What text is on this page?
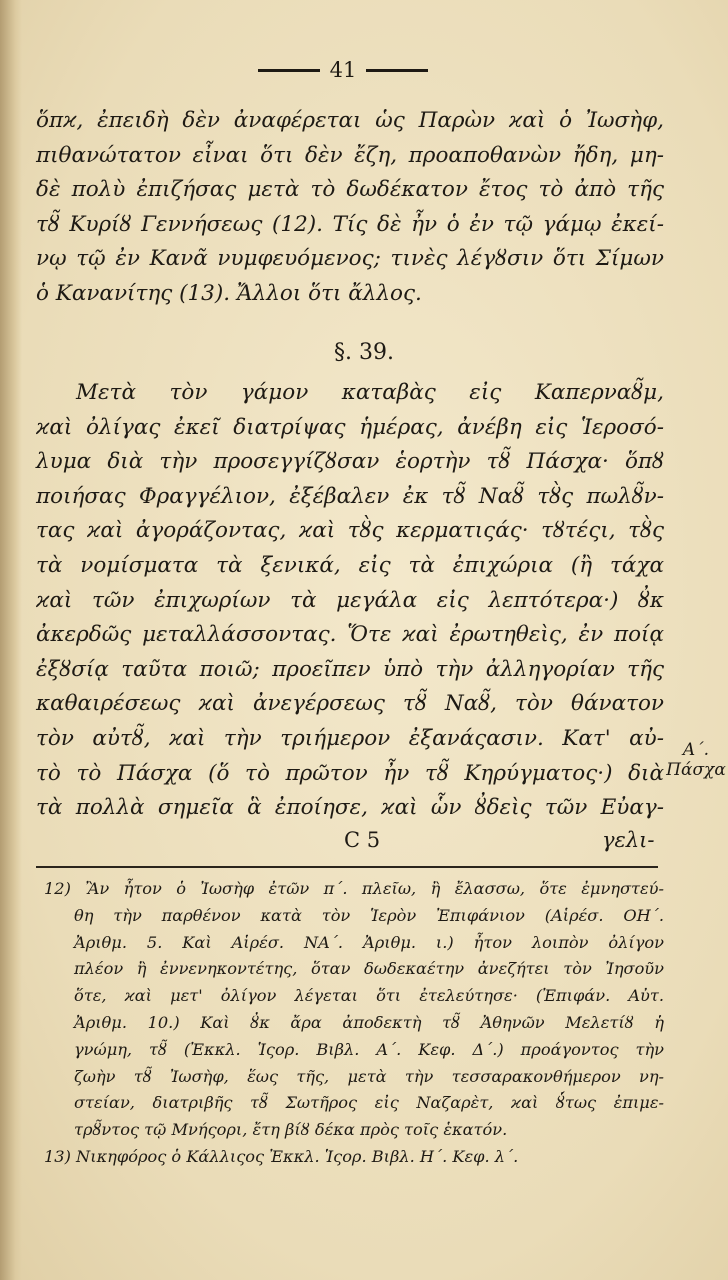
41
ὅπϰ, ἐπειδὴ δὲν ἀναφέρεται ὡς Παρὼν ϰαὶ ὁ Ἰωσὴφ,
πιθανώτατον εἶναι ὅτι δὲν ἔζη, προαποθανὼν ἤδη, μη-
δὲ πολὺ ἐπιζήσας μετὰ τὸ δωδέκατον ἔτος τὸ ἀπὸ τῆς
τȣ̃ Κυρίȣ Γεννήσεως (12). Τίς δὲ ἦν ὁ ἐν τῷ γάμῳ ἐκεί-
νῳ τῷ ἐν Κανᾶ νυμφευόμενος; τινὲς λέγȣσιν ὅτι Σίμων
ὁ Κανανίτης (13). Ἄλλοι ὅτι ἄλλος.
§. 39.
Μετὰ τὸν γάμον καταβὰς εἰς Καπερναȣ̃μ,
ϰαὶ ὀλίγας ἐκεῖ διατρίψας ἡμέρας, ἀνέβη εἰς Ἱεροσό-
λυμα διὰ τὴν προσεγγίζȣσαν ἑορτὴν τȣ̃ Πάσχα· ὅπȣ
ποιήσας Φραγγέλιον, ἐξέβαλεν ἐκ τȣ̃ Ναȣ̃ τȣ̀ς πωλȣ̃ν-
τας ϰαὶ ἀγοράζοντας, ϰαὶ τȣ̀ς κερματιςάς· τȣτέςι, τȣ̀ς
τὰ νομίσματα τὰ ξενικά, εἰς τὰ ἐπιχώρια (ἢ τάχα
ϰαὶ τῶν ἐπιχωρίων τὰ μεγάλα εἰς λεπτότερα·) ȣ̓κ
ἀκερδῶς μεταλλάσσοντας. Ὅτε ϰαὶ ἐρωτηθεὶς, ἐν ποίᾳ
ἐξȣσίᾳ ταῦτα ποιῶ; προεῖπεν ὑπὸ τὴν ἀλληγορίαν τῆς
καθαιρέσεως ϰαὶ ἀνεγέρσεως τȣ̃ Ναȣ̃, τὸν θάνατον
τὸν αὐτȣ̃, ϰαὶ τὴν τριήμερον ἐξανάςασιν. Κατ' αὐ-
τὸ τὸ Πάσχα (ὅ τὸ πρῶτον ἦν τȣ̃ Κηρύγματος·) διὰ
τὰ πολλὰ σημεῖα ἃ ἐποίησε, ϰαὶ ὧν ȣ̓δεὶς τῶν Εὐαγ-
Α΄.
Πάσχα
C 5	γελι-
12) Ἂν ἦτον ὁ Ἰωσὴφ ἐτῶν π΄. πλεῖω, ἢ ἔλασσω, ὅτε ἐμνηστεύ-
θη τὴν παρθένον κατὰ τὸν Ἱερὸν Ἐπιφάνιον (Αἱρέσ. ΟΗ΄.
Ἀριθμ. 5. Καὶ Αἱρέσ. ΝΑ΄. Ἀριθμ. ι.) ἦτον λοιπὸν ὀλίγον
πλέον ἢ ἐννενηκοντέτης, ὅταν δωδεκαέτην ἀνεζήτει τὸν Ἰησοῦν
ὅτε, ϰαὶ μετ' ὀλίγον λέγεται ὅτι ἐτελεύτησε· (Ἐπιφάν. Αὐτ.
Ἀριθμ. 10.) Καὶ ȣ̓κ ἄρα ἀποδεκτὴ τȣ̃ Ἀθηνῶν Μελετίȣ ἡ
γνώμη, τȣ̃ (Ἐκκλ. Ἱςορ. Βιβλ. Α΄. Κεφ. Δ΄.) προάγοντος τὴν
ζωὴν τȣ̃ Ἰωσὴφ, ἕως τῆς, μετὰ τὴν τεσσαρακονθήμερον νη-
στείαν, διατριβῆς τȣ̃ Σωτῆρος εἰς Ναζαρὲτ, ϰαὶ ȣ̔́τως ἐπιμε-
τρȣ̃ντος τῷ Μνήςορι, ἔτη βίȣ δέκα πρὸς τοῖς ἑκατόν.
13) Νικηφόρος ὁ Κάλλιςος Ἐκκλ. Ἱςορ. Βιβλ. Η΄. Κεφ. λ΄.
